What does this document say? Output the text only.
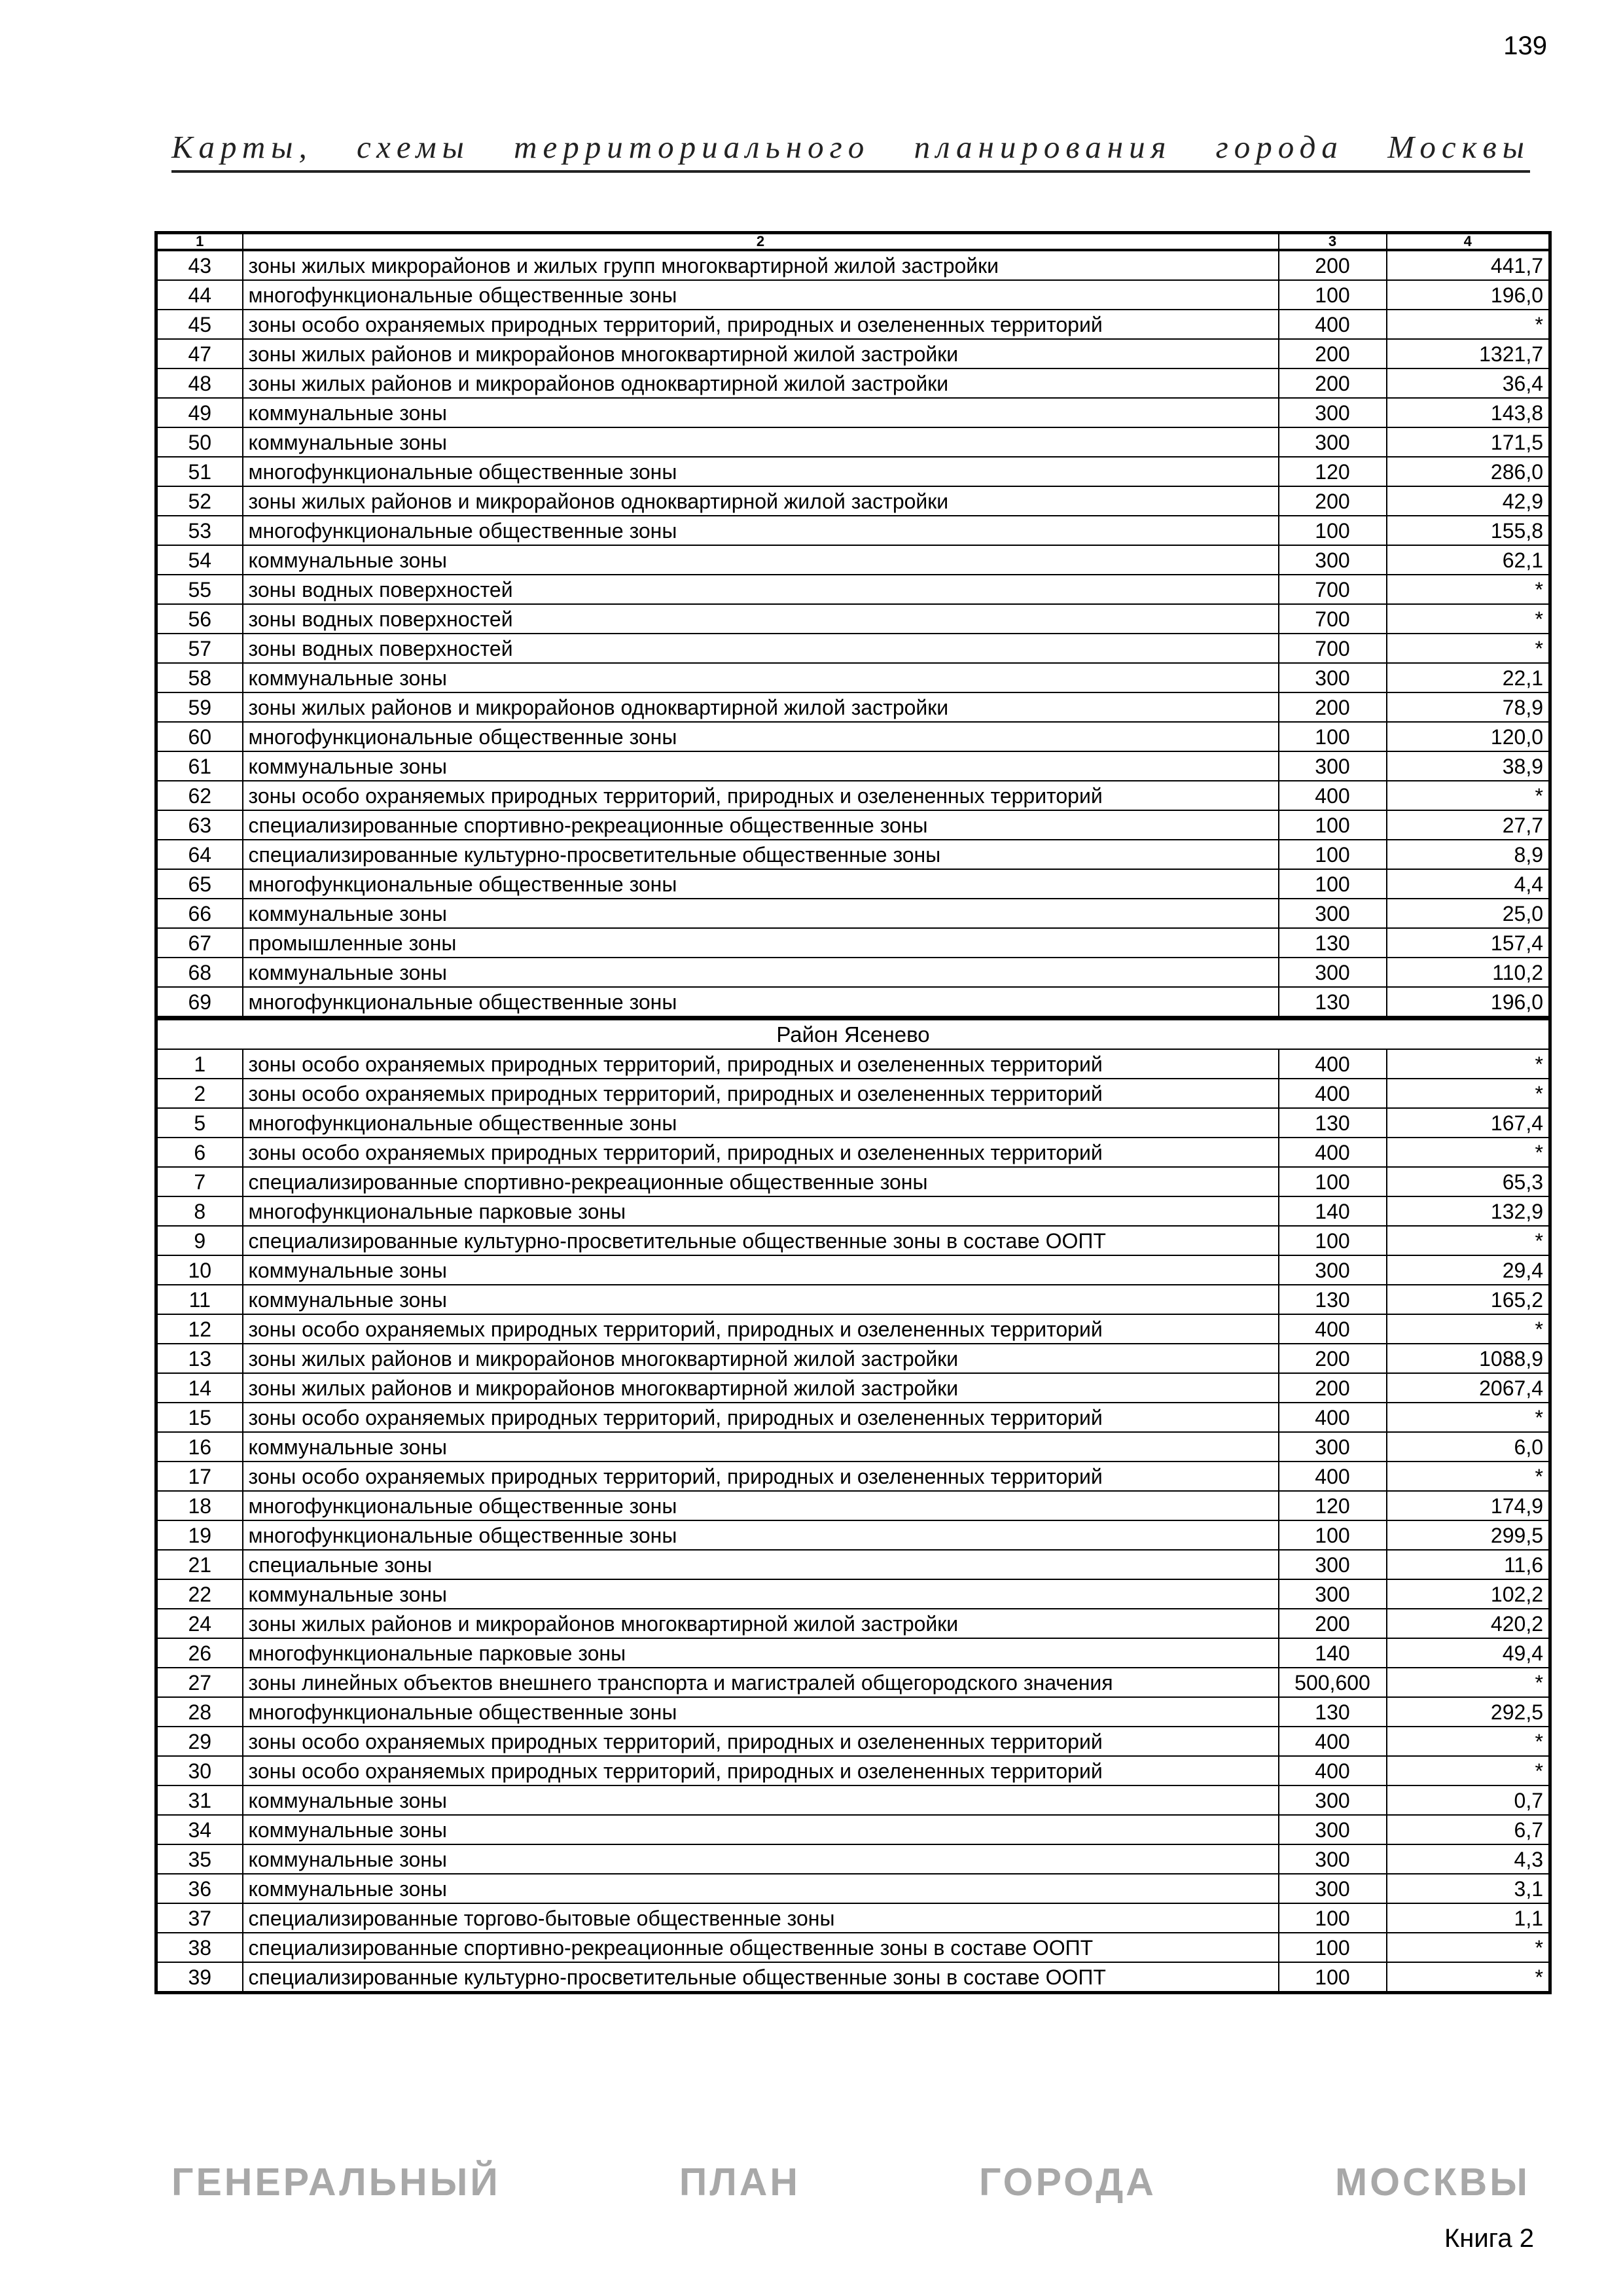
139
Карты, схемы территориального планирования города Москвы
1	2	3	4
43	зоны жилых микрорайонов и жилых групп многоквартирной жилой застройки	200	441,7
44	многофункциональные общественные зоны	100	196,0
45	зоны особо охраняемых природных территорий, природных и озелененных территорий	400	*
47	зоны жилых районов и микрорайонов многоквартирной жилой застройки	200	1321,7
48	зоны жилых районов и микрорайонов одноквартирной жилой застройки	200	36,4
49	коммунальные зоны	300	143,8
50	коммунальные зоны	300	171,5
51	многофункциональные общественные зоны	120	286,0
52	зоны жилых районов и микрорайонов одноквартирной жилой застройки	200	42,9
53	многофункциональные общественные зоны	100	155,8
54	коммунальные зоны	300	62,1
55	зоны водных поверхностей	700	*
56	зоны водных поверхностей	700	*
57	зоны водных поверхностей	700	*
58	коммунальные зоны	300	22,1
59	зоны жилых районов и микрорайонов одноквартирной жилой застройки	200	78,9
60	многофункциональные общественные зоны	100	120,0
61	коммунальные зоны	300	38,9
62	зоны особо охраняемых природных территорий, природных и озелененных территорий	400	*
63	специализированные спортивно-рекреационные общественные зоны	100	27,7
64	специализированные культурно-просветительные общественные зоны	100	8,9
65	многофункциональные общественные зоны	100	4,4
66	коммунальные зоны	300	25,0
67	промышленные зоны	130	157,4
68	коммунальные зоны	300	110,2
69	многофункциональные общественные зоны	130	196,0
Район Ясенево			
1	зоны особо охраняемых природных территорий, природных и озелененных территорий	400	*
2	зоны особо охраняемых природных территорий, природных и озелененных территорий	400	*
5	многофункциональные общественные зоны	130	167,4
6	зоны особо охраняемых природных территорий, природных и озелененных территорий	400	*
7	специализированные спортивно-рекреационные общественные зоны	100	65,3
8	многофункциональные парковые зоны	140	132,9
9	специализированные культурно-просветительные общественные зоны в составе ООПТ	100	*
10	коммунальные зоны	300	29,4
11	коммунальные зоны	130	165,2
12	зоны особо охраняемых природных территорий, природных и озелененных территорий	400	*
13	зоны жилых районов и микрорайонов многоквартирной жилой застройки	200	1088,9
14	зоны жилых районов и микрорайонов многоквартирной жилой застройки	200	2067,4
15	зоны особо охраняемых природных территорий, природных и озелененных территорий	400	*
16	коммунальные зоны	300	6,0
17	зоны особо охраняемых природных территорий, природных и озелененных территорий	400	*
18	многофункциональные общественные зоны	120	174,9
19	многофункциональные общественные зоны	100	299,5
21	специальные зоны	300	11,6
22	коммунальные зоны	300	102,2
24	зоны жилых районов и микрорайонов многоквартирной жилой застройки	200	420,2
26	многофункциональные парковые зоны	140	49,4
27	зоны линейных объектов внешнего транспорта и магистралей общегородского значения	500,600	*
28	многофункциональные общественные зоны	130	292,5
29	зоны особо охраняемых природных территорий, природных и озелененных территорий	400	*
30	зоны особо охраняемых природных территорий, природных и озелененных территорий	400	*
31	коммунальные зоны	300	0,7
34	коммунальные зоны	300	6,7
35	коммунальные зоны	300	4,3
36	коммунальные зоны	300	3,1
37	специализированные торгово-бытовые общественные зоны	100	1,1
38	специализированные спортивно-рекреационные общественные зоны в составе ООПТ	100	*
39	специализированные культурно-просветительные общественные зоны в составе ООПТ	100	*
ГЕНЕРАЛЬНЫЙ ПЛАН ГОРОДА МОСКВЫ
Книга 2
